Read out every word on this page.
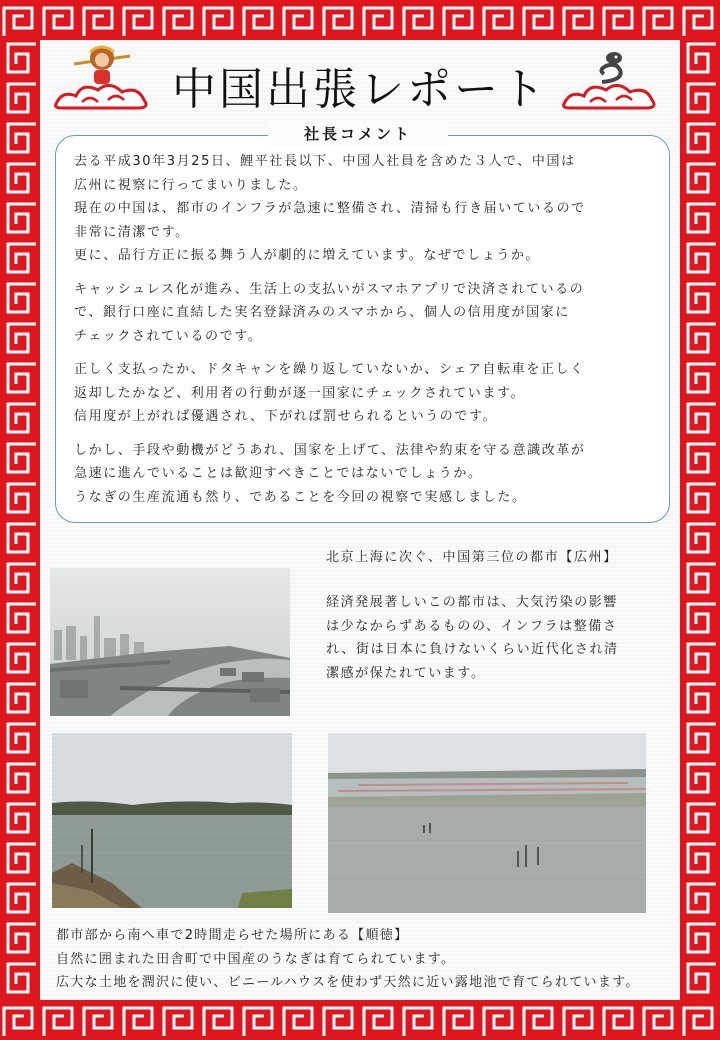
中国出張レポート
社長コメント

去る平成30年3月25日、鯉平社長以下、中国人社員を含めた３人で、中国は
広州に視察に行ってまいりました。
現在の中国は、都市のインフラが急速に整備され、清掃も行き届いているので
非常に清潔です。
更に、品行方正に振る舞う人が劇的に増えています。なぜでしょうか。

キャッシュレス化が進み、生活上の支払いがスマホアプリで決済されているの
で、銀行口座に直結した実名登録済みのスマホから、個人の信用度が国家に
チェックされているのです。

正しく支払ったか、ドタキャンを繰り返していないか、シェア自転車を正しく
返却したかなど、利用者の行動が逐一国家にチェックされています。
信用度が上がれば優遇され、下がれば罰せられるというのです。

しかし、手段や動機がどうあれ、国家を上げて、法律や約束を守る意識改革が
急速に進んでいることは歓迎すべきことではないでしょうか。
うなぎの生産流通も然り、であることを今回の視察で実感しました。

北京上海に次ぐ、中国第三位の都市【広州】
経済発展著しいこの都市は、大気汚染の影響
は少なからずあるものの、インフラは整備さ
れ、街は日本に負けないくらい近代化され清
潔感が保たれています。
都市部から南へ車で2時間走らせた場所にある【順徳】
自然に囲まれた田舎町で中国産のうなぎは育てられています。
広大な土地を潤沢に使い、ビニールハウスを使わず天然に近い露地池で育てられています。
